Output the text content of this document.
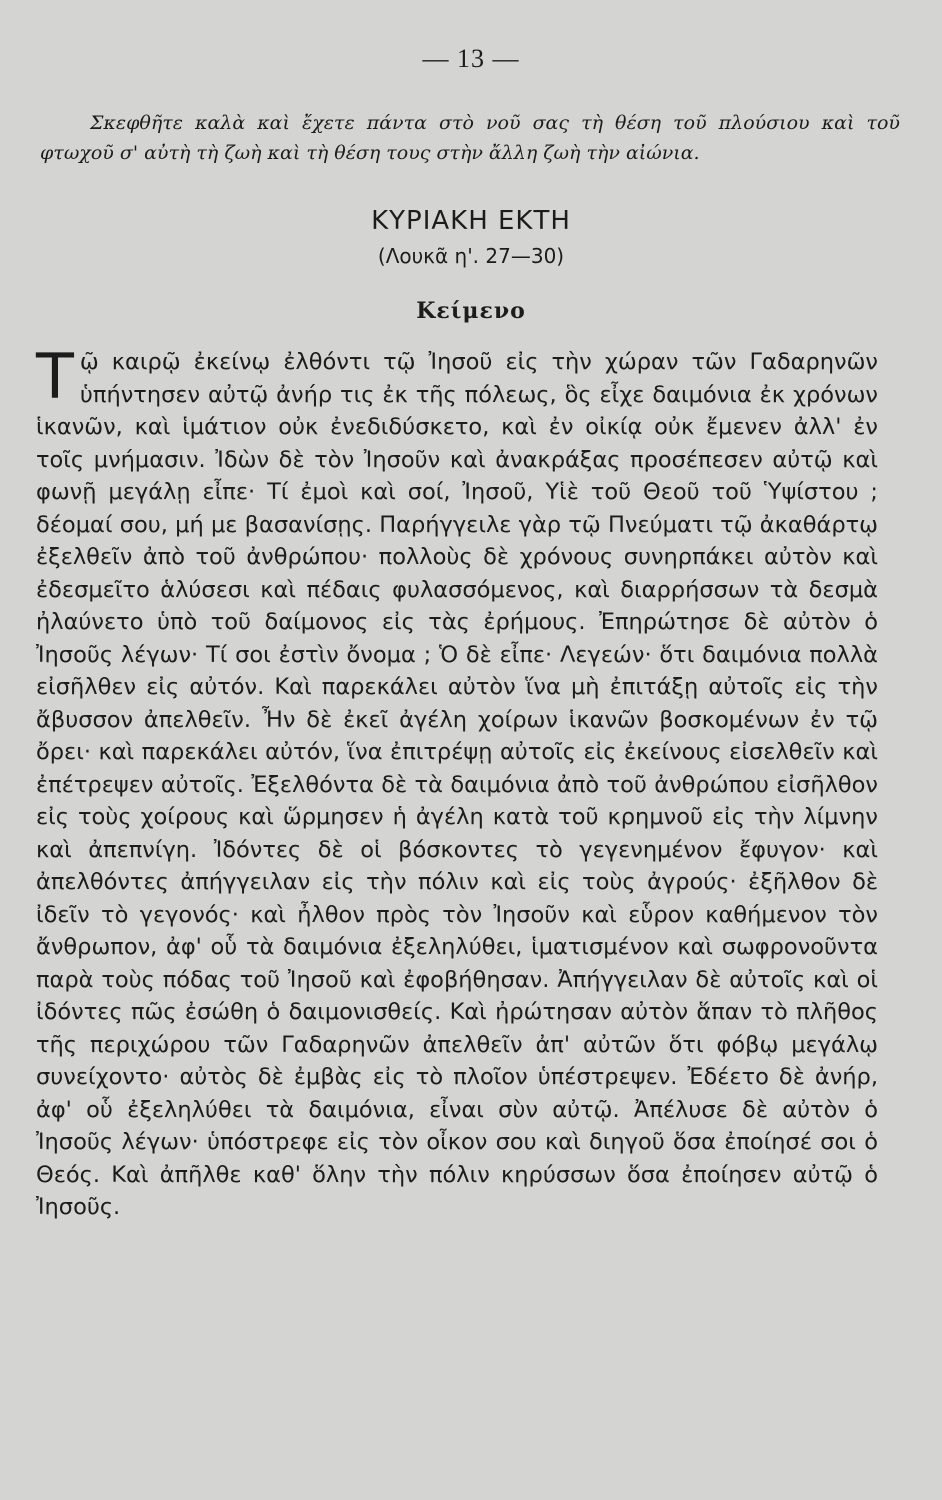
— 13 —

Σκεφθῆτε καλὰ καὶ ἔχετε πάντα στὸ νοῦ σας τὴ θέση τοῦ πλούσιου καὶ τοῦ φτωχοῦ σ' αὐτὴ τὴ ζωὴ καὶ τὴ θέση τους στὴν ἄλλη ζωὴ τὴν αἰώνια.

ΚΥΡΙΑΚΗ ΕΚΤΗ
(Λουκᾶ η'. 27—30)
Κείμενο

Τῷ καιρῷ ἐκείνῳ ἐλθόντι τῷ Ἰησοῦ εἰς τὴν χώραν τῶν Γαδαρηνῶν ὑπήντησεν αὐτῷ ἀνήρ τις ἐκ τῆς πόλεως, ὃς εἶχε δαιμόνια ἐκ χρόνων ἱκανῶν, καὶ ἱμάτιον οὐκ ἐνεδιδύσκετο, καὶ ἐν οἰκίᾳ οὐκ ἔμενεν ἀλλ' ἐν τοῖς μνήμασιν. Ἰδὼν δὲ τὸν Ἰησοῦν καὶ ἀνακράξας προσέπεσεν αὐτῷ καὶ φωνῇ μεγάλῃ εἶπε· Τί ἐμοὶ καὶ σοί, Ἰησοῦ, Υἱὲ τοῦ Θεοῦ τοῦ Ὑψίστου ; δέομαί σου, μή με βασανίσῃς. Παρήγγειλε γὰρ τῷ Πνεύματι τῷ ἀκαθάρτῳ ἐξελθεῖν ἀπὸ τοῦ ἀνθρώπου· πολλοὺς δὲ χρόνους συνηρπάκει αὐτὸν καὶ ἐδεσμεῖτο ἁλύσεσι καὶ πέδαις φυλασσόμενος, καὶ διαρρήσσων τὰ δεσμὰ ἠλαύνετο ὑπὸ τοῦ δαίμονος εἰς τὰς ἐρήμους. Ἐπηρώτησε δὲ αὐτὸν ὁ Ἰησοῦς λέγων· Τί σοι ἐστὶν ὄνομα ; Ὁ δὲ εἶπε· Λεγεών· ὅτι δαιμόνια πολλὰ εἰσῆλθεν εἰς αὐτόν. Καὶ παρεκάλει αὐτὸν ἵνα μὴ ἐπιτάξῃ αὐτοῖς εἰς τὴν ἄβυσσον ἀπελθεῖν. Ἦν δὲ ἐκεῖ ἀγέλη χοίρων ἱκανῶν βοσκομένων ἐν τῷ ὄρει· καὶ παρεκάλει αὐτόν, ἵνα ἐπιτρέψῃ αὐτοῖς εἰς ἐκείνους εἰσελθεῖν καὶ ἐπέτρεψεν αὐτοῖς. Ἐξελθόντα δὲ τὰ δαιμόνια ἀπὸ τοῦ ἀνθρώπου εἰσῆλθον εἰς τοὺς χοίρους καὶ ὥρμησεν ἡ ἀγέλη κατὰ τοῦ κρημνοῦ εἰς τὴν λίμνην καὶ ἀπεπνίγη. Ἰδόντες δὲ οἱ βόσκοντες τὸ γεγενημένον ἔφυγον· καὶ ἀπελθόντες ἀπήγγειλαν εἰς τὴν πόλιν καὶ εἰς τοὺς ἀγρούς· ἐξῆλθον δὲ ἰδεῖν τὸ γεγονός· καὶ ἦλθον πρὸς τὸν Ἰησοῦν καὶ εὗρον καθήμενον τὸν ἄνθρωπον, ἀφ' οὗ τὰ δαιμόνια ἐξεληλύθει, ἱματισμένον καὶ σωφρονοῦντα παρὰ τοὺς πόδας τοῦ Ἰησοῦ καὶ ἐφοβήθησαν. Ἀπήγγειλαν δὲ αὐτοῖς καὶ οἱ ἰδόντες πῶς ἐσώθη ὁ δαιμονισθείς. Καὶ ἠρώτησαν αὐτὸν ἅπαν τὸ πλῆθος τῆς περιχώρου τῶν Γαδαρηνῶν ἀπελθεῖν ἀπ' αὐτῶν ὅτι φόβῳ μεγάλῳ συνείχοντο· αὐτὸς δὲ ἐμβὰς εἰς τὸ πλοῖον ὑπέστρεψεν. Ἐδέετο δὲ ἀνήρ, ἀφ' οὗ ἐξεληλύθει τὰ δαιμόνια, εἶναι σὺν αὐτῷ. Ἀπέλυσε δὲ αὐτὸν ὁ Ἰησοῦς λέγων· ὑπόστρεφε εἰς τὸν οἶκον σου καὶ διηγοῦ ὅσα ἐποίησέ σοι ὁ Θεός. Καὶ ἀπῆλθε καθ' ὅλην τὴν πόλιν κηρύσσων ὅσα ἐποίησεν αὐτῷ ὁ Ἰησοῦς.
